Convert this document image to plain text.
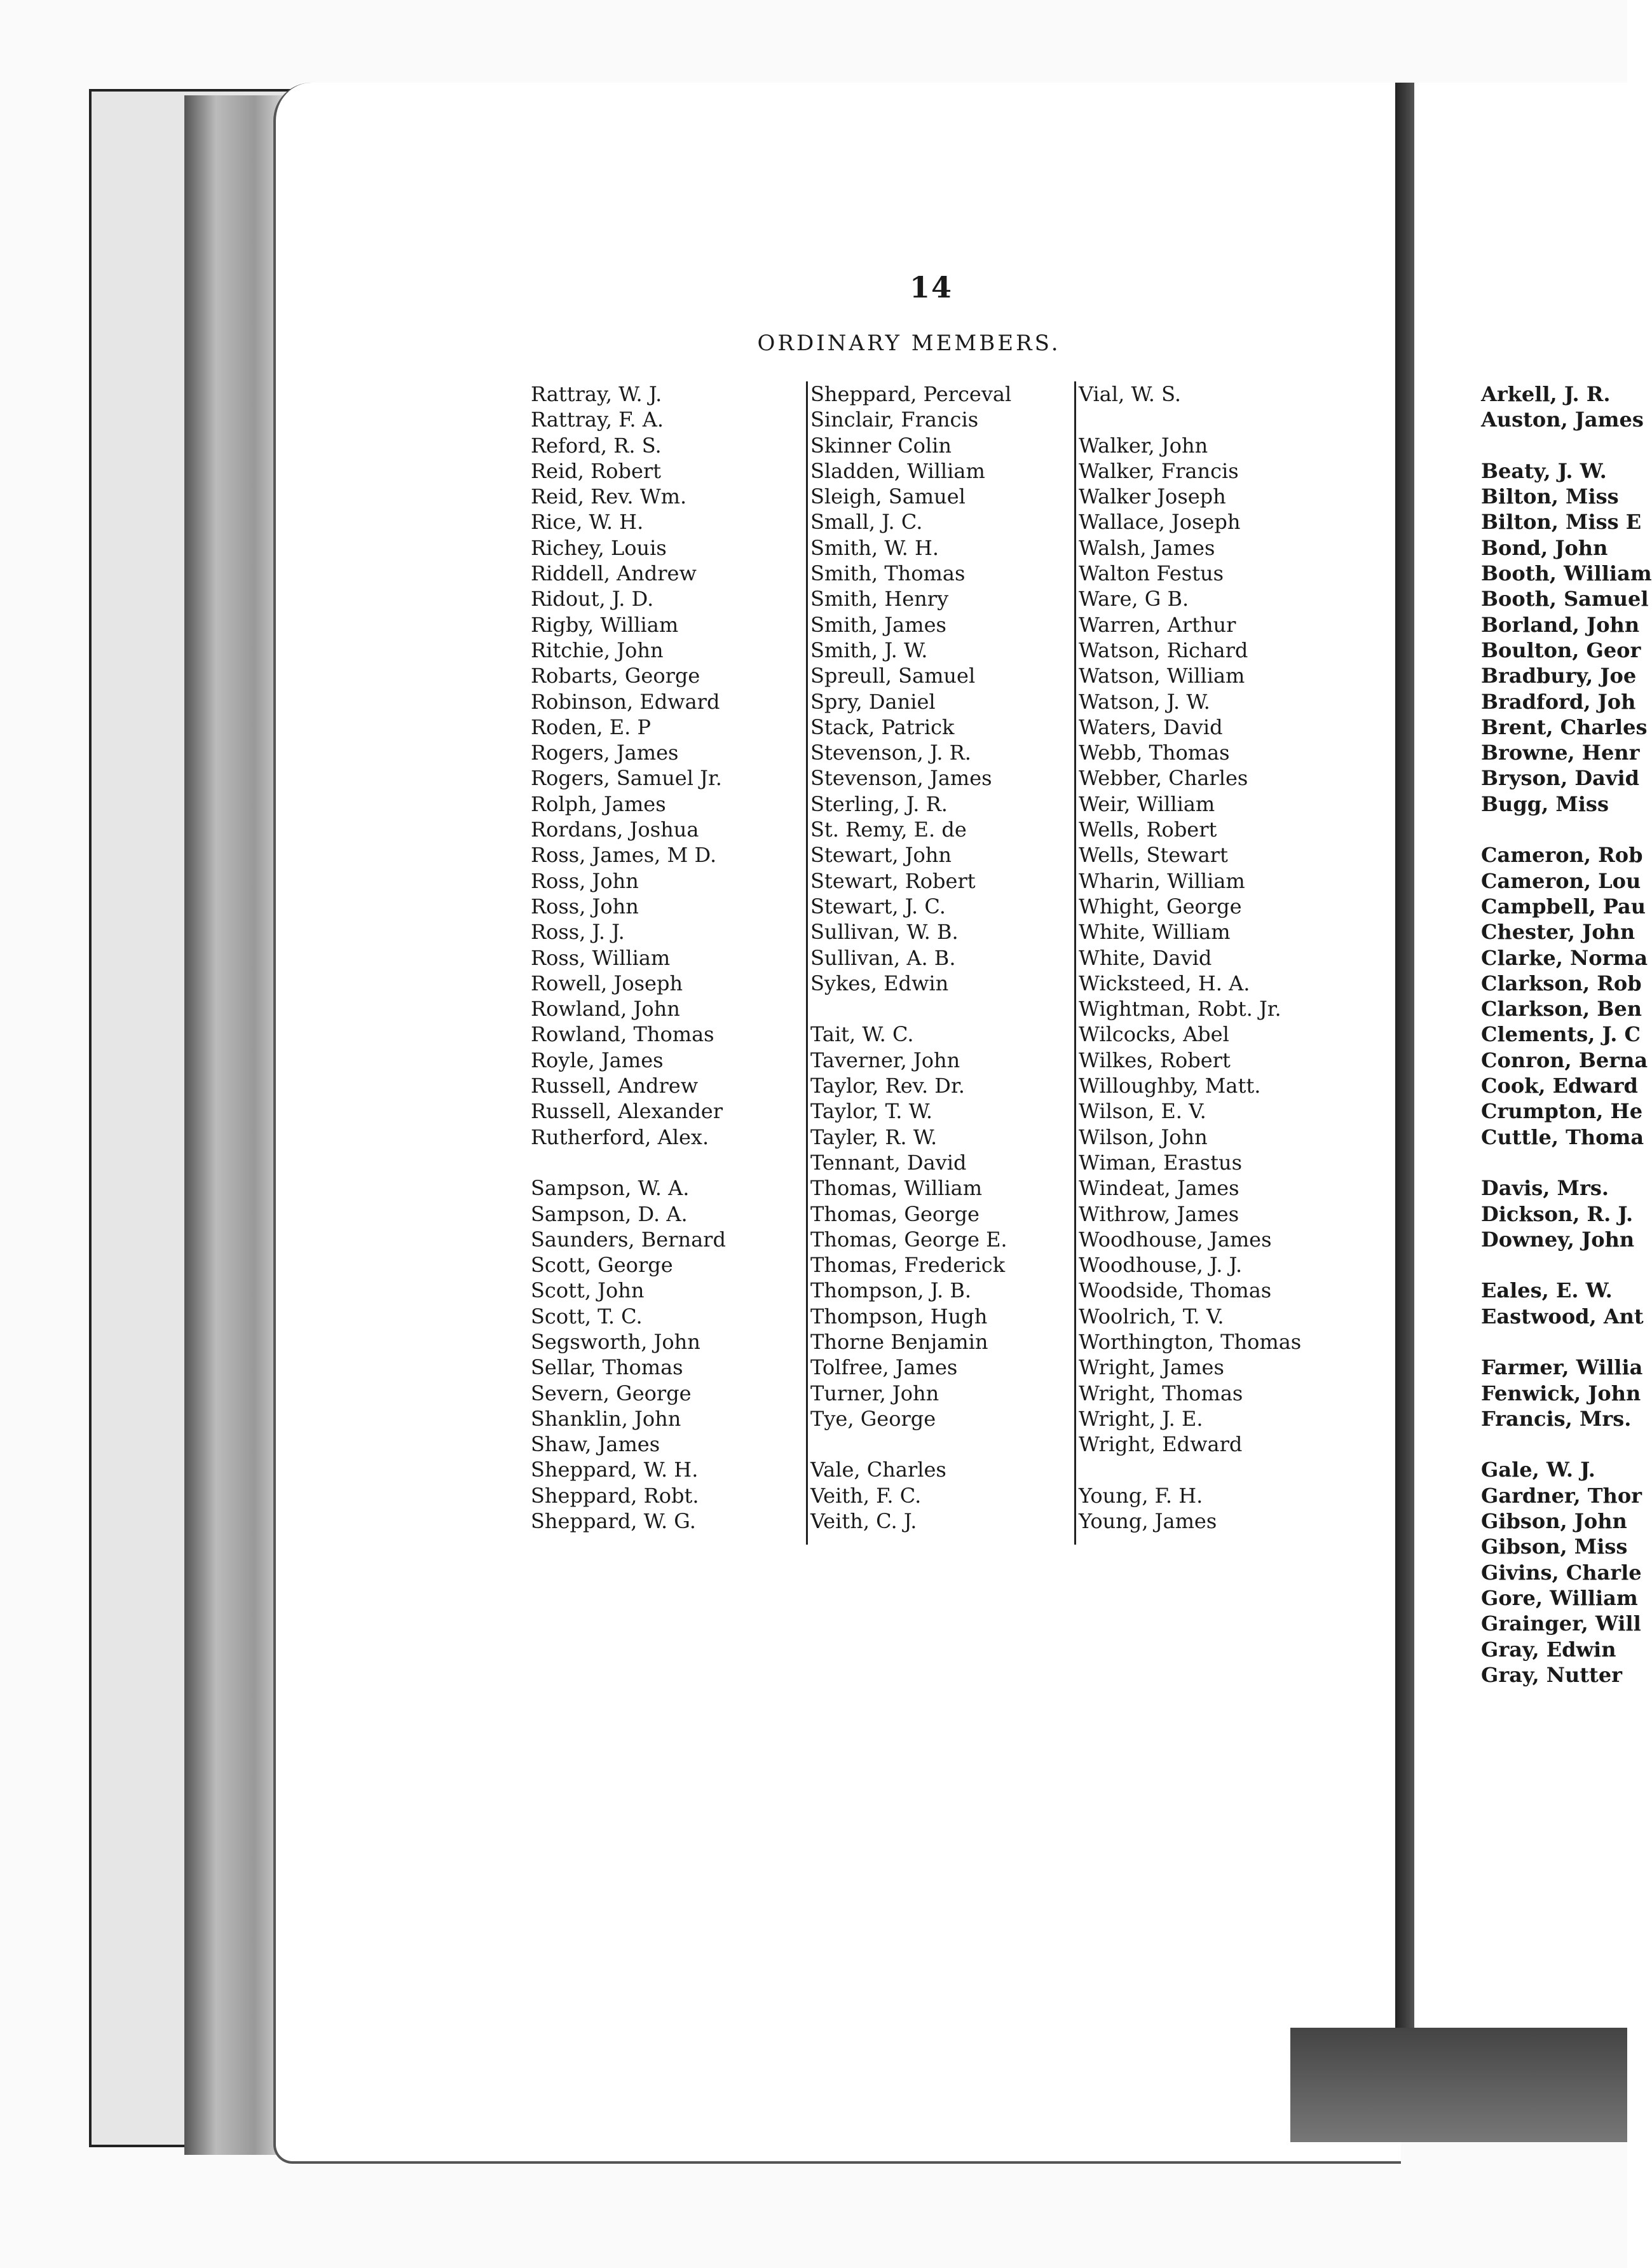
14
ORDINARY MEMBERS.
Rattray, W. J.
Rattray, F. A.
Reford, R. S.
Reid, Robert
Reid, Rev. Wm.
Rice, W. H.
Richey, Louis
Riddell, Andrew
Ridout, J. D.
Rigby, William
Ritchie, John
Robarts, George
Robinson, Edward
Roden, E. P
Rogers, James
Rogers, Samuel Jr.
Rolph, James
Rordans, Joshua
Ross, James, M D.
Ross, John
Ross, John
Ross, J. J.
Ross, William
Rowell, Joseph
Rowland, John
Rowland, Thomas
Royle, James
Russell, Andrew
Russell, Alexander
Rutherford, Alex.
Sampson, W. A.
Sampson, D. A.
Saunders, Bernard
Scott, George
Scott, John
Scott, T. C.
Segsworth, John
Sellar, Thomas
Severn, George
Shanklin, John
Shaw, James
Sheppard, W. H.
Sheppard, Robt.
Sheppard, W. G.
Sheppard, Perceval
Sinclair, Francis
Skinner Colin
Sladden, William
Sleigh, Samuel
Small, J. C.
Smith, W. H.
Smith, Thomas
Smith, Henry
Smith, James
Smith, J. W.
Spreull, Samuel
Spry, Daniel
Stack, Patrick
Stevenson, J. R.
Stevenson, James
Sterling, J. R.
St. Remy, E. de
Stewart, John
Stewart, Robert
Stewart, J. C.
Sullivan, W. B.
Sullivan, A. B.
Sykes, Edwin
Tait, W. C.
Taverner, John
Taylor, Rev. Dr.
Taylor, T. W.
Tayler, R. W.
Tennant, David
Thomas, William
Thomas, George
Thomas, George E.
Thomas, Frederick
Thompson, J. B.
Thompson, Hugh
Thorne Benjamin
Tolfree, James
Turner, John
Tye, George
Vale, Charles
Veith, F. C.
Veith, C. J.
Vial, W. S.
Walker, John
Walker, Francis
Walker Joseph
Wallace, Joseph
Walsh, James
Walton Festus
Ware, G B.
Warren, Arthur
Watson, Richard
Watson, William
Watson, J. W.
Waters, David
Webb, Thomas
Webber, Charles
Weir, William
Wells, Robert
Wells, Stewart
Wharin, William
Whight, George
White, William
White, David
Wicksteed, H. A.
Wightman, Robt. Jr.
Wilcocks, Abel
Wilkes, Robert
Willoughby, Matt.
Wilson, E. V.
Wilson, John
Wiman, Erastus
Windeat, James
Withrow, James
Woodhouse, James
Woodhouse, J. J.
Woodside, Thomas
Woolrich, T. V.
Worthington, Thomas
Wright, James
Wright, Thomas
Wright, J. E.
Wright, Edward
Young, F. H.
Young, James
Arkell, J. R.
Auston, James
Beaty, J. W.
Bilton, Miss
Bilton, Miss E
Bond, John
Booth, William
Booth, Samuel
Borland, John
Boulton, Geor
Bradbury, Joe
Bradford, Joh
Brent, Charles
Browne, Henr
Bryson, David
Bugg, Miss
Cameron, Rob
Cameron, Lou
Campbell, Pau
Chester, John
Clarke, Norma
Clarkson, Rob
Clarkson, Ben
Clements, J. C
Conron, Berna
Cook, Edward
Crumpton, He
Cuttle, Thoma
Davis, Mrs.
Dickson, R. J.
Downey, John
Eales, E. W.
Eastwood, Ant
Farmer, Willia
Fenwick, John
Francis, Mrs.
Gale, W. J.
Gardner, Thor
Gibson, John
Gibson, Miss
Givins, Charle
Gore, William
Grainger, Will
Gray, Edwin
Gray, Nutter
